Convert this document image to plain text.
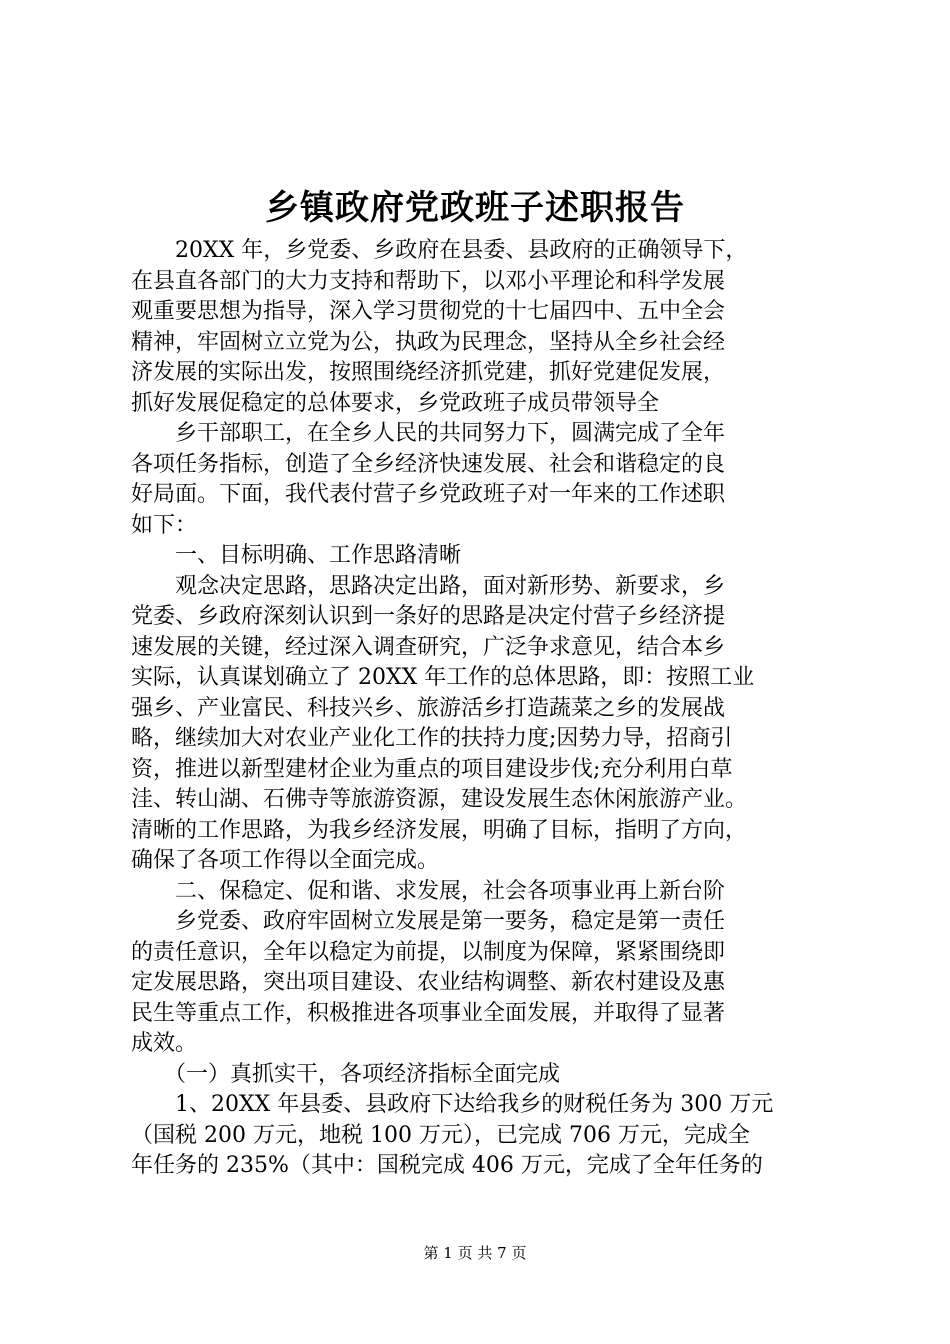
乡镇政府党政班子述职报告
　　20XX 年，乡党委、乡政府在县委、县政府的正确领导下，
在县直各部门的大力支持和帮助下，以邓小平理论和科学发展
观重要思想为指导，深入学习贯彻党的十七届四中、五中全会
精神，牢固树立立党为公，执政为民理念，坚持从全乡社会经
济发展的实际出发，按照围绕经济抓党建，抓好党建促发展，
抓好发展促稳定的总体要求，乡党政班子成员带领导全
　　乡干部职工，在全乡人民的共同努力下，圆满完成了全年
各项任务指标，创造了全乡经济快速发展、社会和谐稳定的良
好局面。下面，我代表付营子乡党政班子对一年来的工作述职
如下：
　　一、目标明确、工作思路清晰
　　观念决定思路，思路决定出路，面对新形势、新要求，乡
党委、乡政府深刻认识到一条好的思路是决定付营子乡经济提
速发展的关键，经过深入调查研究，广泛争求意见，结合本乡
实际，认真谋划确立了 20XX 年工作的总体思路，即：按照工业
强乡、产业富民、科技兴乡、旅游活乡打造蔬菜之乡的发展战
略，继续加大对农业产业化工作的扶持力度;因势力导，招商引
资，推进以新型建材企业为重点的项目建设步伐;充分利用白草
洼、转山湖、石佛寺等旅游资源，建设发展生态休闲旅游产业。
清晰的工作思路，为我乡经济发展，明确了目标，指明了方向，
确保了各项工作得以全面完成。
　　二、保稳定、促和谐、求发展，社会各项事业再上新台阶
　　乡党委、政府牢固树立发展是第一要务，稳定是第一责任
的责任意识，全年以稳定为前提，以制度为保障，紧紧围绕即
定发展思路，突出项目建设、农业结构调整、新农村建设及惠
民生等重点工作，积极推进各项事业全面发展，并取得了显著
成效。
　　（一）真抓实干，各项经济指标全面完成
　　1、20XX 年县委、县政府下达给我乡的财税任务为 300 万元
（国税 200 万元，地税 100 万元），已完成 706 万元，完成全
年任务的 235%（其中：国税完成 406 万元，完成了全年任务的
第 1 页 共 7 页
